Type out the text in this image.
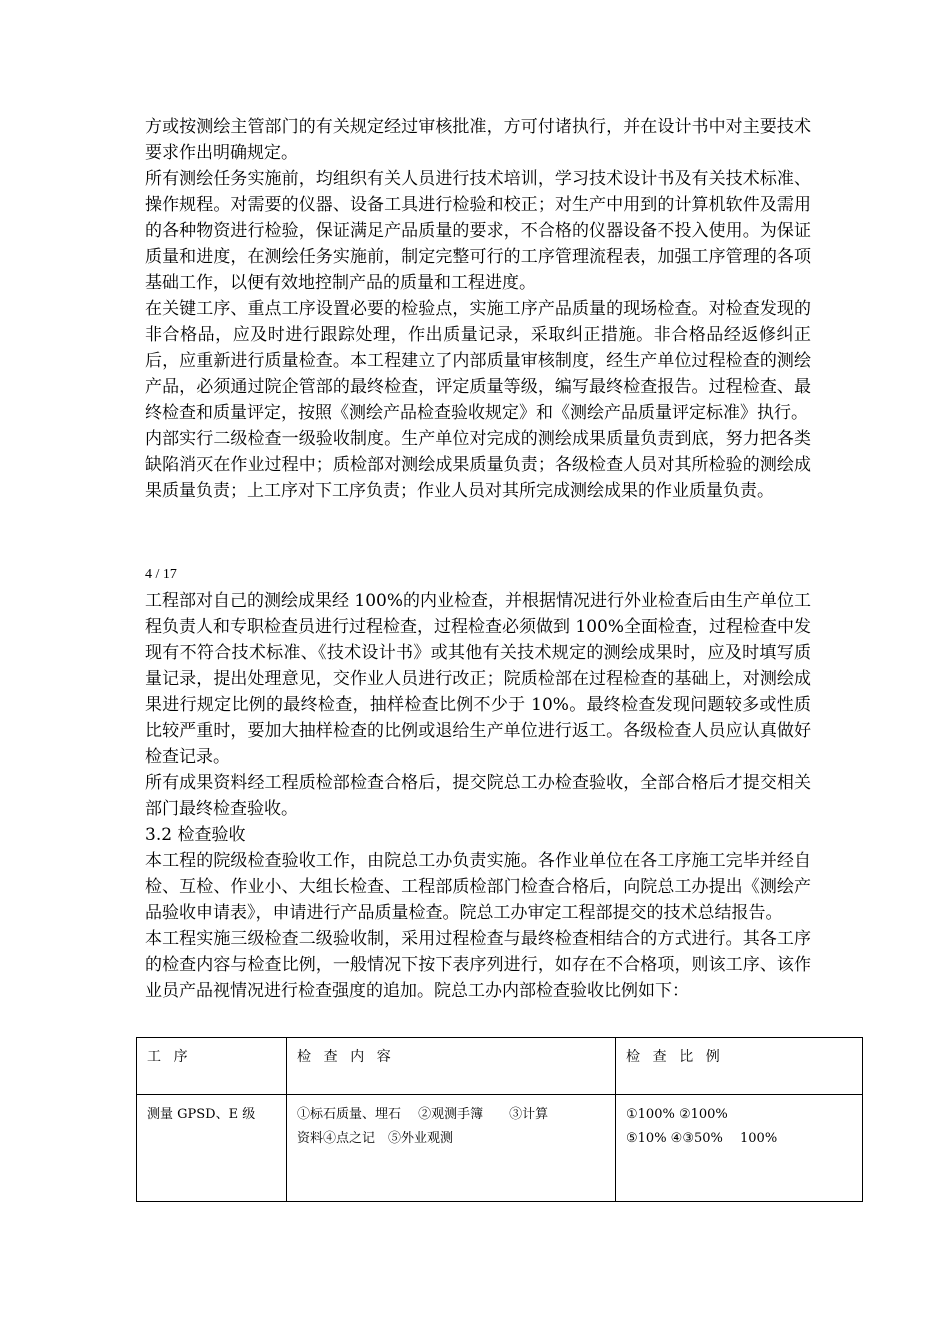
方或按测绘主管部门的有关规定经过审核批准，方可付诸执行，并在设计书中对主要技术要求作出明确规定。

所有测绘任务实施前，均组织有关人员进行技术培训，学习技术设计书及有关技术标准、操作规程。对需要的仪器、设备工具进行检验和校正；对生产中用到的计算机软件及需用的各种物资进行检验，保证满足产品质量的要求，不合格的仪器设备不投入使用。为保证质量和进度，在测绘任务实施前，制定完整可行的工序管理流程表，加强工序管理的各项基础工作，以便有效地控制产品的质量和工程进度。

在关键工序、重点工序设置必要的检验点，实施工序产品质量的现场检查。对检查发现的非合格品，应及时进行跟踪处理，作出质量记录，采取纠正措施。非合格品经返修纠正后，应重新进行质量检查。本工程建立了内部质量审核制度，经生产单位过程检查的测绘产品，必须通过院企管部的最终检查，评定质量等级，编写最终检查报告。过程检查、最终检查和质量评定，按照《测绘产品检查验收规定》和《测绘产品质量评定标准》执行。

内部实行二级检查一级验收制度。生产单位对完成的测绘成果质量负责到底，努力把各类缺陷消灭在作业过程中；质检部对测绘成果质量负责；各级检查人员对其所检验的测绘成果质量负责；上工序对下工序负责；作业人员对其所完成测绘成果的作业质量负责。

4 / 17

工程部对自己的测绘成果经 100%的内业检查，并根据情况进行外业检查后由生产单位工程负责人和专职检查员进行过程检查，过程检查必须做到 100%全面检查，过程检查中发现有不符合技术标准、《技术设计书》或其他有关技术规定的测绘成果时，应及时填写质量记录，提出处理意见，交作业人员进行改正；院质检部在过程检查的基础上，对测绘成果进行规定比例的最终检查，抽样检查比例不少于 10%。最终检查发现问题较多或性质比较严重时，要加大抽样检查的比例或退给生产单位进行返工。各级检查人员应认真做好检查记录。

所有成果资料经工程质检部检查合格后，提交院总工办检查验收，全部合格后才提交相关部门最终检查验收。

3.2 检查验收

本工程的院级检查验收工作，由院总工办负责实施。各作业单位在各工序施工完毕并经自检、互检、作业小、大组长检查、工程部质检部门检查合格后，向院总工办提出《测绘产品验收申请表》，申请进行产品质量检查。院总工办审定工程部提交的技术总结报告。

本工程实施三级检查二级验收制，采用过程检查与最终检查相结合的方式进行。其各工序的检查内容与检查比例，一般情况下按下表序列进行，如存在不合格项，则该工序、该作业员产品视情况进行检查强度的追加。院总工办内部检查验收比例如下：

工序	检查内容	检查比例

测量 GPSD、E 级	①标石质量、埋石　 ②观测手簿　　③计算
资料④点之记　⑤外业观测	①100% ②100%
⑤10% ④③50%　 100%
